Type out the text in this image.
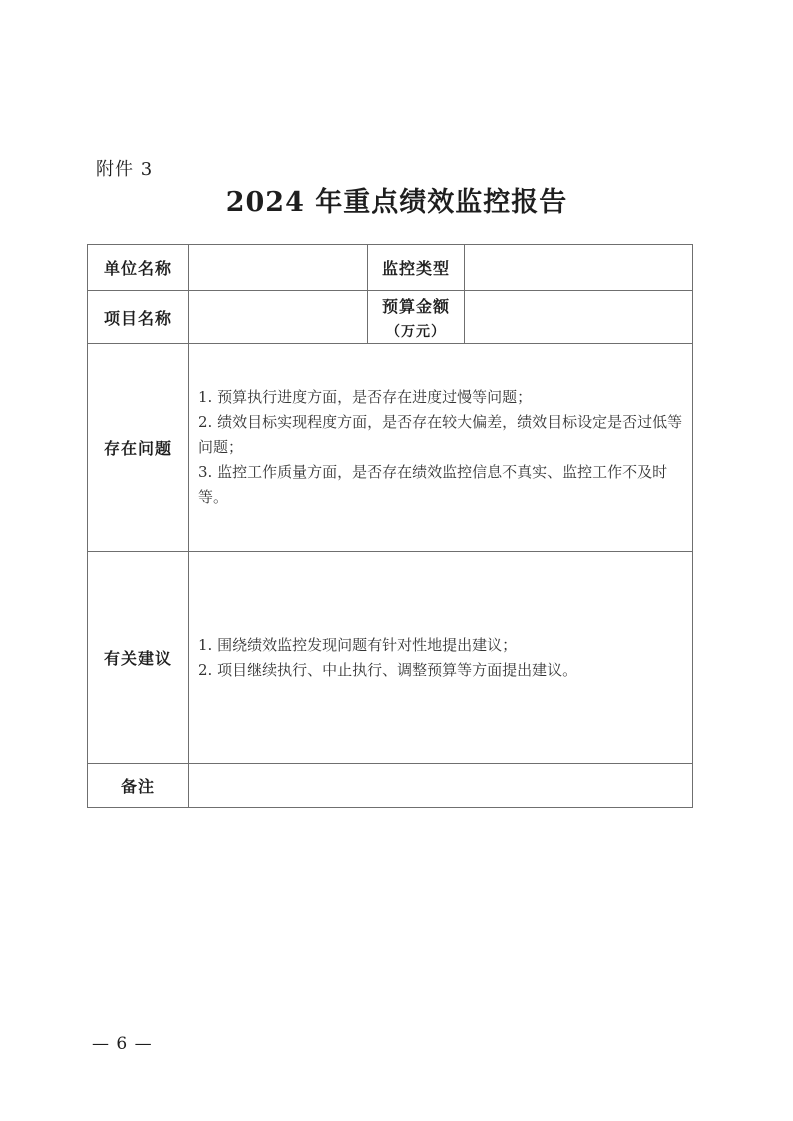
附件 3
2024 年重点绩效监控报告
单位名称		监控类型	
项目名称		预算金额
（万元）	

存在问题	1. 预算执行进度方面，是否存在进度过慢等问题；

2. 绩效目标实现程度方面，是否存在较大偏差，绩效目标设定是否过低等问题；

3. 监控工作质量方面，是否存在绩效监控信息不真实、监控工作不及时等。		

有关建议	1. 围绕绩效监控发现问题有针对性地提出建议；

2. 项目继续执行、中止执行、调整预算等方面提出建议。		

备注			
— 6 —
